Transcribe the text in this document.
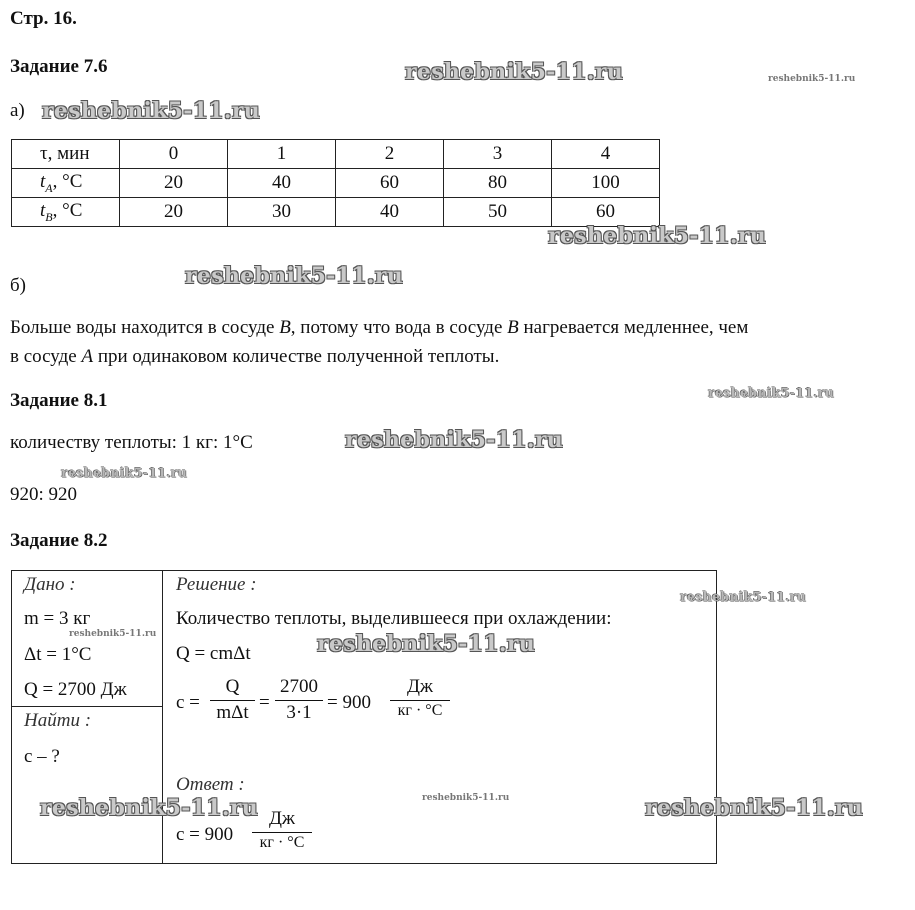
Стр. 16.
Задание 7.6
а)
τ, мин	0	1	2	3	4
$t_A$, °C	20	40	60	80	100
$t_B$, °C	20	30	40	50	60
б)
Больше воды находится в сосуде B, потому что вода в сосуде B нагревается медленнее, чем
в сосуде A при одинаковом количестве полученной теплоты.
Задание 8.1
количеству теплоты: 1 кг: 1°С
920: 920
Задание 8.2
Дано :
m = 3 кг
Δt = 1°C
Q = 2700 Дж
Найти :
c – ?
Решение :
Количество теплоты, выделившееся при охлаждении:
Q = cmΔt
c =
Q
mΔt =
2700
3·1 = 900
Дж
кг · °С
Ответ :
c = 900
Дж
кг · °С
reshebnik5-11.ru	reshebnik5-11.ru
reshebnik5-11.ru
reshebnik5-11.ru
reshebnik5-11.ru
reshebnik5-11.ru
reshebnik5-11.ru
reshebnik5-11.ru
reshebnik5-11.ru
reshebnik5-11.ru	reshebnik5-11.ru
reshebnik5-11.ru	reshebnik5-11.ru	reshebnik5-11.ru
